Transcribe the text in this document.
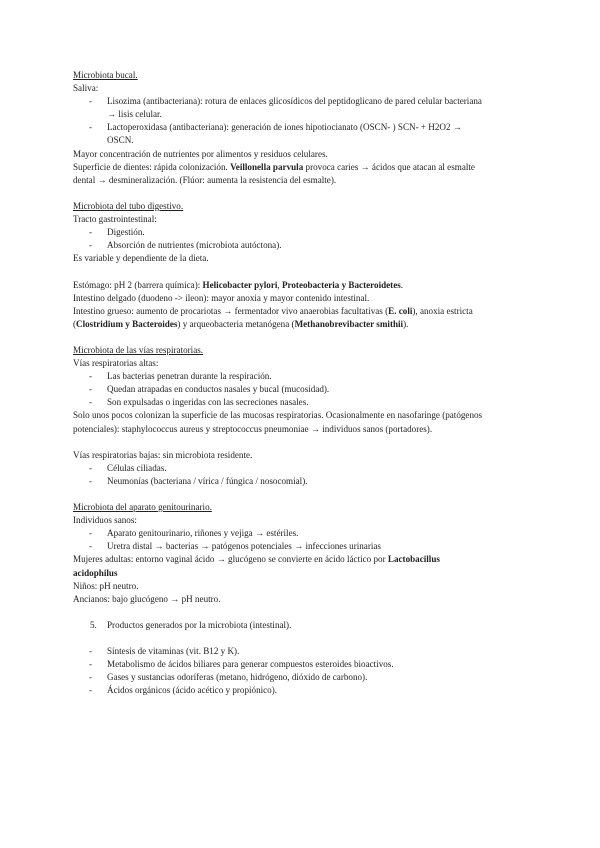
Microbiota bucal.
Saliva:
- Lisozima (antibacteriana): rotura de enlaces glicosídicos del peptidoglicano de pared celular bacteriana
→ lisis celular.
- Lactoperoxidasa (antibacteriana): generación de iones hipotiocianato (OSCN- ) SCN- + H2O2 →
OSCN.
Mayor concentración de nutrientes por alimentos y residuos celulares.
Superficie de dientes: rápida colonización. Veillonella parvula provoca caries → ácidos que atacan al esmalte
dental → desmineralización. (Flúor: aumenta la resistencia del esmalte).
Microbiota del tubo digestivo.
Tracto gastrointestinal:
- Digestión.
- Absorción de nutrientes (microbiota autóctona).
Es variable y dependiente de la dieta.
Estómago: pH 2 (barrera química): Helicobacter pylori, Proteobacteria y Bacteroidetes.
Intestino delgado (duodeno -> ileon): mayor anoxia y mayor contenido intestinal.
Intestino grueso: aumento de procariotas → fermentador vivo anaerobias facultativas (E. coli), anoxia estricta
(Clostridium y Bacteroides) y arqueobacteria metanógena (Methanobrevibacter smithii).
Microbiota de las vías respiratorias.
Vías respiratorias altas:
- Las bacterias penetran durante la respiración.
- Quedan atrapadas en conductos nasales y bucal (mucosidad).
- Son expulsadas o ingeridas con las secreciones nasales.
Solo unos pocos colonizan la superficie de las mucosas respiratorias. Ocasionalmente en nasofaringe (patógenos
potenciales): staphylococcus aureus y streptococcus pneumoniae → individuos sanos (portadores).
Vías respiratorias bajas: sin microbiota residente.
- Células ciliadas.
- Neumonías (bacteriana / vírica / fúngica / nosocomial).
Microbiota del aparato genitourinario.
Individuos sanos:
- Aparato genitourinario, riñones y vejiga → estériles.
- Uretra distal → bacterias → patógenos potenciales → infecciones urinarias
Mujeres adultas: entorno vaginal ácido → glucógeno se convierte en ácido láctico por Lactobacillus
acidophilus
Niños: pH neutro.
Ancianos: bajo glucógeno → pH neutro.
5. Productos generados por la microbiota (intestinal).
- Síntesis de vitaminas (vit. B12 y K).
- Metabolismo de ácidos biliares para generar compuestos esteroides bioactivos.
- Gases y sustancias odoríferas (metano, hidrógeno, dióxido de carbono).
- Ácidos orgánicos (ácido acético y propiónico).
